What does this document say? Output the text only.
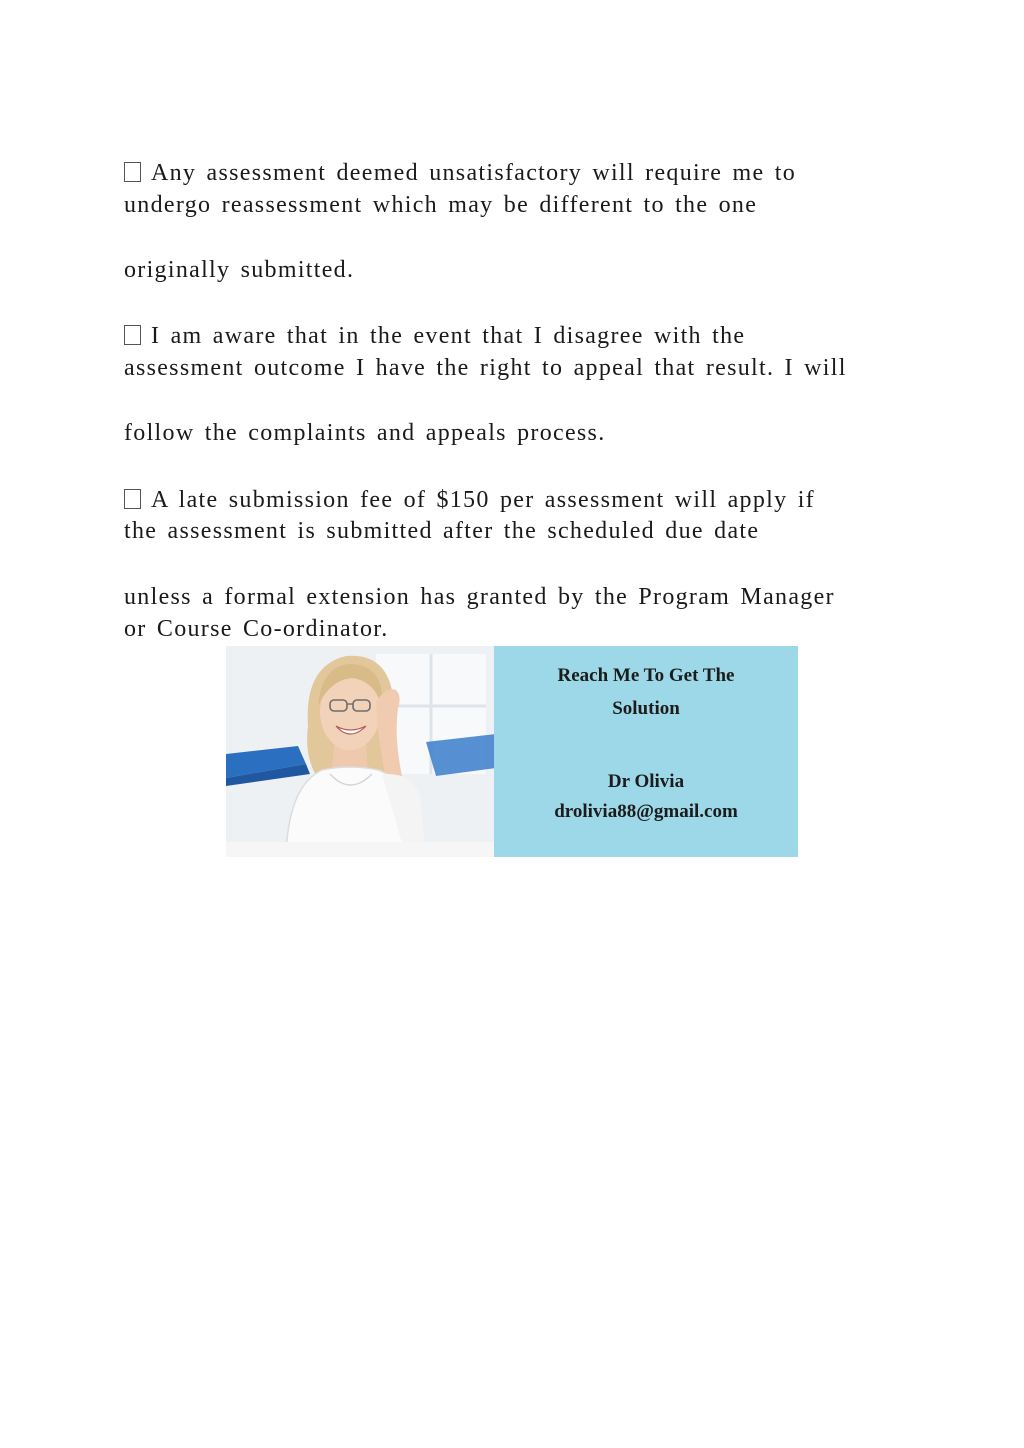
Any assessment deemed unsatisfactory will require me to
undergo reassessment which may be different to the one
originally submitted.
I am aware that in the event that I disagree with the
assessment outcome I have the right to appeal that result. I will
follow the complaints and appeals process.
A late submission fee of $150 per assessment will apply if
the assessment is submitted after the scheduled due date
unless a formal extension has granted by the Program Manager
or Course Co-ordinator.
Reach Me To Get The
Solution
Dr Olivia
drolivia88@gmail.com
